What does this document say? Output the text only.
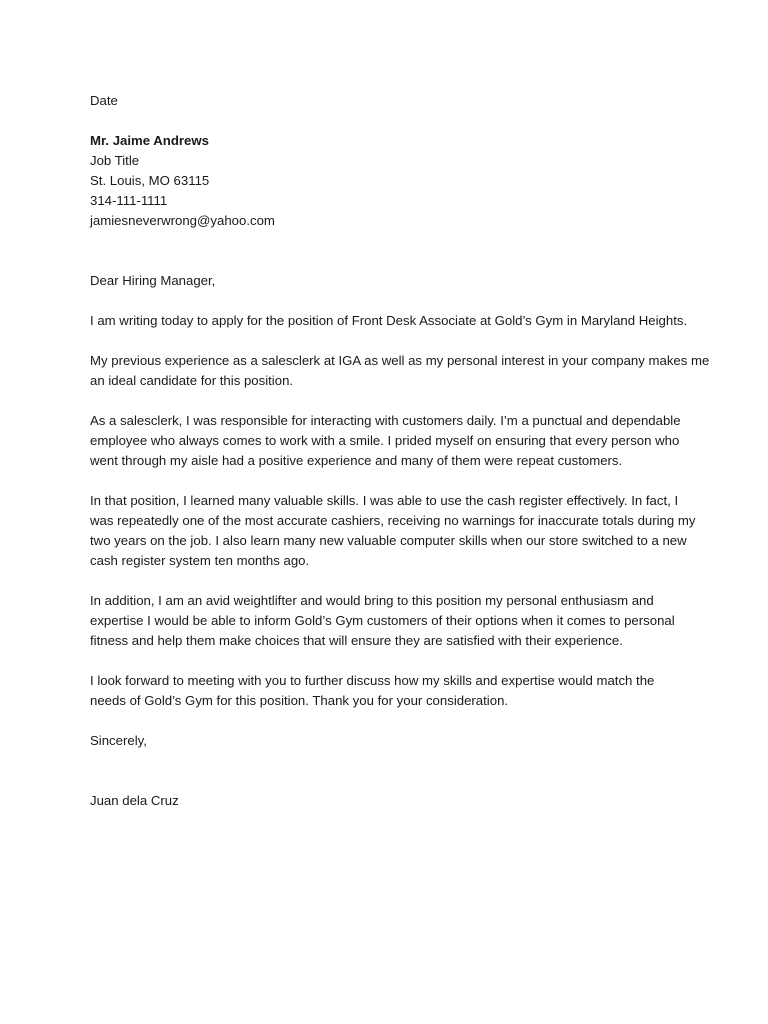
Date
Mr. Jaime Andrews
Job Title
St. Louis, MO 63115
314-111-1111
jamiesneverwrong@yahoo.com
Dear Hiring Manager,
I am writing today to apply for the position of Front Desk Associate at Gold’s Gym in Maryland Heights.
My previous experience as a salesclerk at IGA as well as my personal interest in your company makes me
an ideal candidate for this position.
As a salesclerk, I was responsible for interacting with customers daily. I’m a punctual and dependable
employee who always comes to work with a smile. I prided myself on ensuring that every person who
went through my aisle had a positive experience and many of them were repeat customers.
In that position, I learned many valuable skills. I was able to use the cash register effectively. In fact, I
was repeatedly one of the most accurate cashiers, receiving no warnings for inaccurate totals during my
two years on the job. I also learn many new valuable computer skills when our store switched to a new
cash register system ten months ago.
In addition, I am an avid weightlifter and would bring to this position my personal enthusiasm and
expertise I would be able to inform Gold’s Gym customers of their options when it comes to personal
fitness and help them make choices that will ensure they are satisfied with their experience.
I look forward to meeting with you to further discuss how my skills and expertise would match the
needs of Gold’s Gym for this position. Thank you for your consideration.
Sincerely,
Juan dela Cruz
